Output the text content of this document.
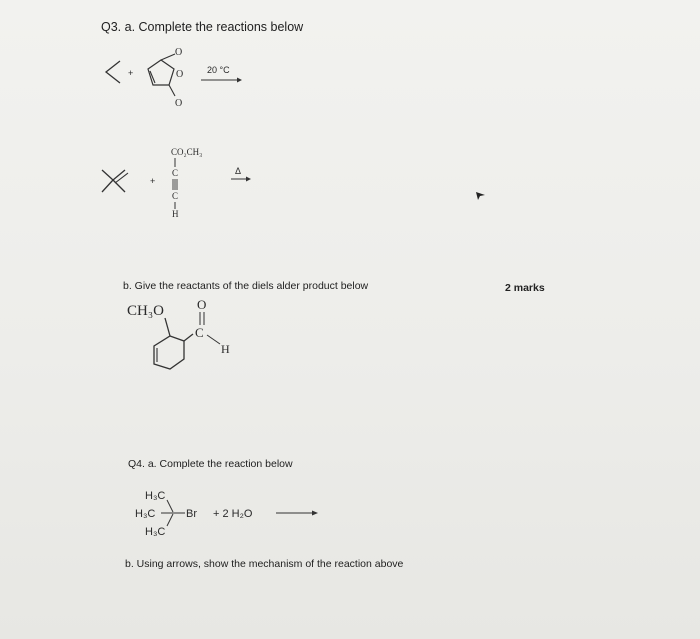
Q3. a. Complete the reactions below
+
O
O
O
20 °C
+
CO₂CH₃
C
C
H
Δ
b. Give the reactants of the diels alder product below	2 marks
CH₃O	O
C
H
Q4. a. Complete the reaction below
H₃C
H₃C
H₃C
Br + 2 H₂O
b. Using arrows, show the mechanism of the reaction above
